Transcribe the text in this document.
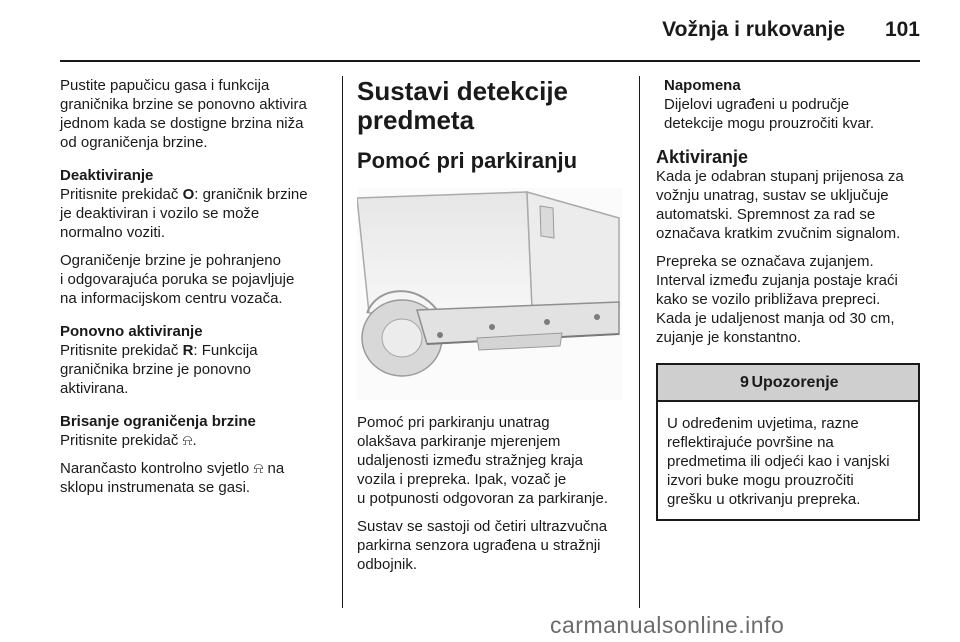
Vožnja i rukovanje 101
Pustite papučicu gasa i funkcija
graničnika brzine se ponovno aktivira
jednom kada se dostigne brzina niža
od ograničenja brzine.
Deaktiviranje
Pritisnite prekidač O: graničnik brzine
je deaktiviran i vozilo se može
normalno voziti.
Ograničenje brzine je pohranjeno
i odgovarajuća poruka se pojavljuje
na informacijskom centru vozača.
Ponovno aktiviranje
Pritisnite prekidač R: Funkcija
graničnika brzine je ponovno
aktivirana.
Brisanje ograničenja brzine
Pritisnite prekidač ⍾.
Narančasto kontrolno svjetlo ⍾ na
sklopu instrumenata se gasi.
Sustavi detekcije
predmeta
Pomoć pri parkiranju
Pomoć pri parkiranju unatrag
olakšava parkiranje mjerenjem
udaljenosti između stražnjeg kraja
vozila i prepreka. Ipak, vozač je
u potpunosti odgovoran za parkiranje.
Sustav se sastoji od četiri ultrazvučna
parkirna senzora ugrađena u stražnji
odbojnik.
Napomena
Dijelovi ugrađeni u područje
detekcije mogu prouzročiti kvar.
Aktiviranje
Kada je odabran stupanj prijenosa za
vožnju unatrag, sustav se uključuje
automatski. Spremnost za rad se
označava kratkim zvučnim signalom.
Prepreka se označava zujanjem.
Interval između zujanja postaje kraći
kako se vozilo približava prepreci.
Kada je udaljenost manja od 30 cm,
zujanje je konstantno.
9 Upozorenje
U određenim uvjetima, razne
reflektirajuće površine na
predmetima ili odjeći kao i vanjski
izvori buke mogu prouzročiti
grešku u otkrivanju prepreka.
carmanualsonline.info
